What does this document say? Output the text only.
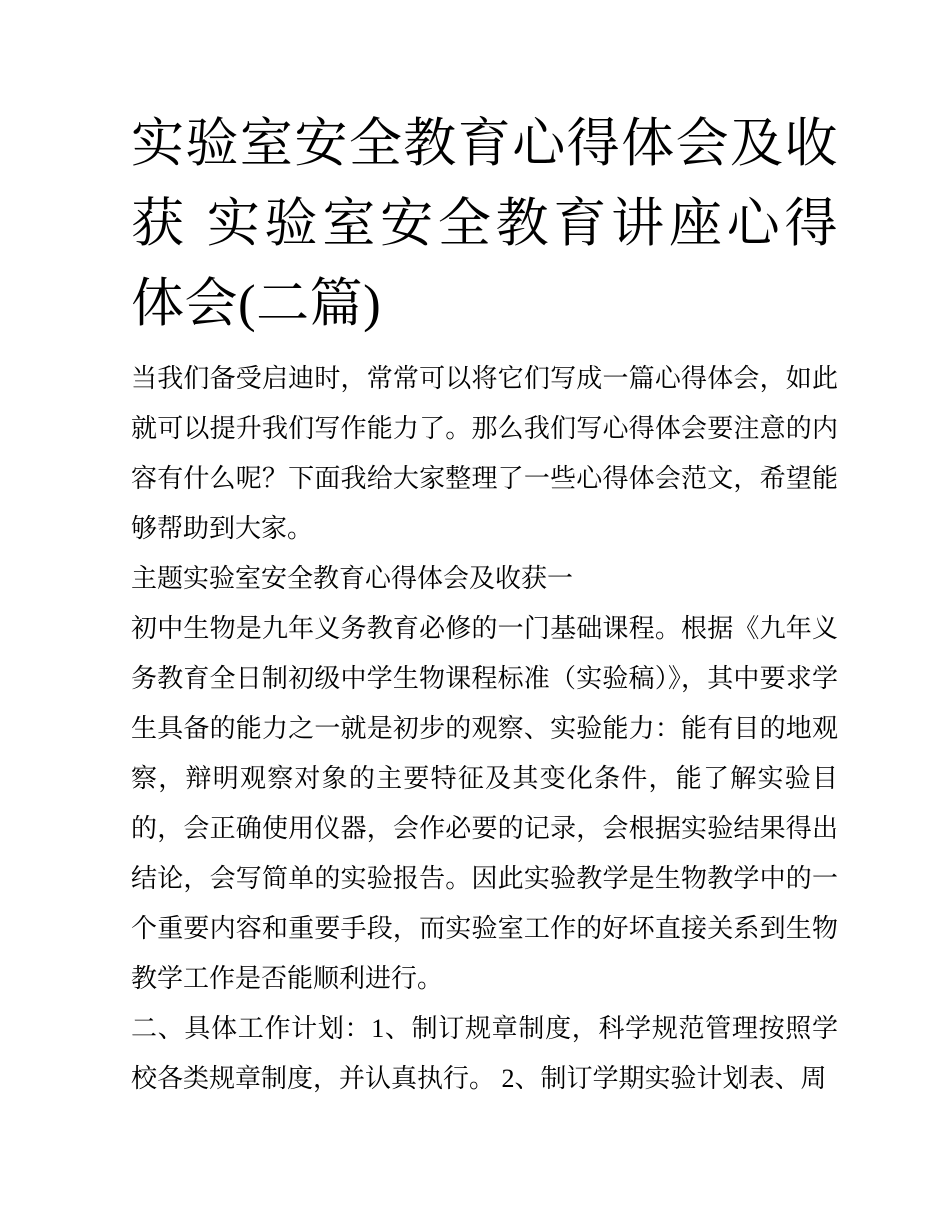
实验室安全教育心得体会及收获 实验室安全教育讲座心得体会(二篇)

当我们备受启迪时，常常可以将它们写成一篇心得体会，如此就可以提升我们写作能力了。那么我们写心得体会要注意的内容有什么呢？下面我给大家整理了一些心得体会范文，希望能够帮助到大家。

主题实验室安全教育心得体会及收获一

初中生物是九年义务教育必修的一门基础课程。根据《九年义务教育全日制初级中学生物课程标准（实验稿）》，其中要求学生具备的能力之一就是初步的观察、实验能力：能有目的地观察，辩明观察对象的主要特征及其变化条件，能了解实验目的，会正确使用仪器，会作必要的记录，会根据实验结果得出结论，会写简单的实验报告。因此实验教学是生物教学中的一个重要内容和重要手段，而实验室工作的好坏直接关系到生物教学工作是否能顺利进行。

二、具体工作计划：1、制订规章制度，科学规范管理按照学校各类规章制度，并认真执行。 2、制订学期实验计划表、周
